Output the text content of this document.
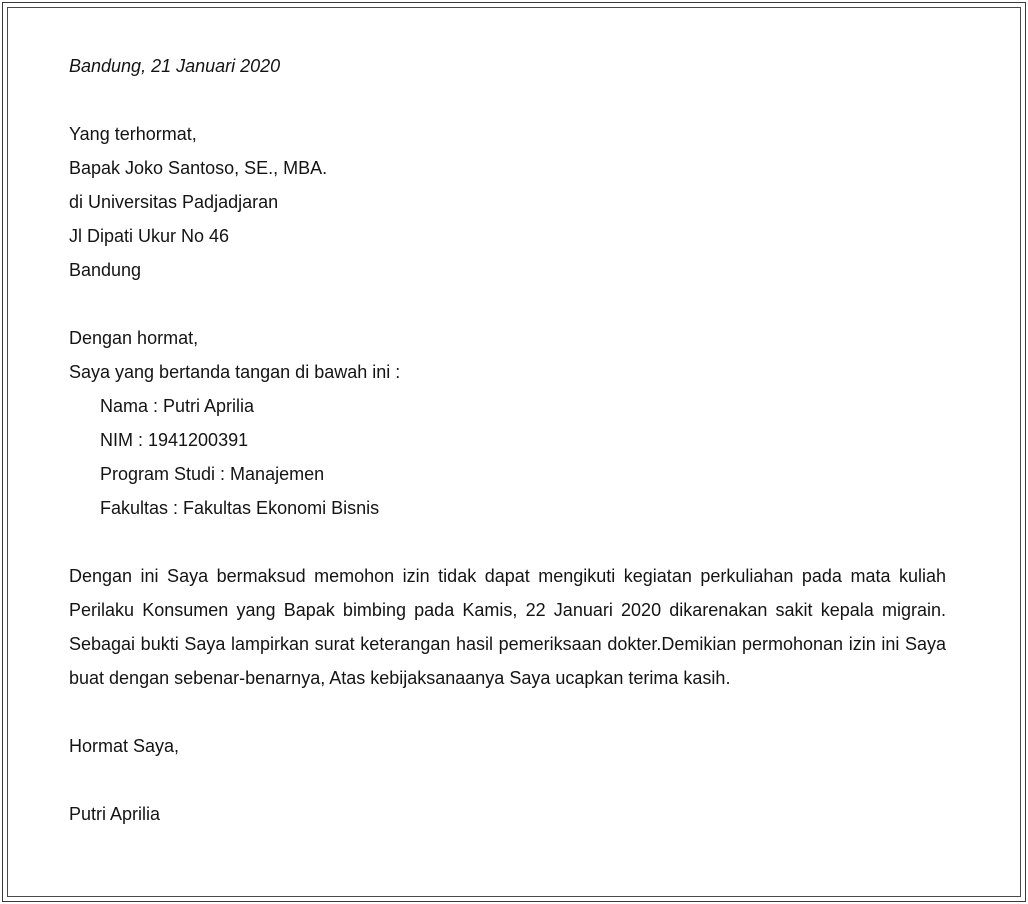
Bandung, 21 Januari 2020
Yang terhormat,
Bapak Joko Santoso, SE., MBA.
di Universitas Padjadjaran
Jl Dipati Ukur No 46
Bandung
Dengan hormat,
Saya yang bertanda tangan di bawah ini :
Nama : Putri Aprilia
NIM : 1941200391
Program Studi : Manajemen
Fakultas : Fakultas Ekonomi Bisnis

Dengan ini Saya bermaksud memohon izin tidak dapat mengikuti kegiatan perkuliahan pada mata kuliah Perilaku Konsumen yang Bapak bimbing pada Kamis, 22 Januari 2020 dikarenakan sakit kepala migrain. Sebagai bukti Saya lampirkan surat keterangan hasil pemeriksaan dokter.Demikian permohonan izin ini Saya buat dengan sebenar-benarnya, Atas kebijaksanaanya Saya ucapkan terima kasih.

Hormat Saya,
Putri Aprilia
